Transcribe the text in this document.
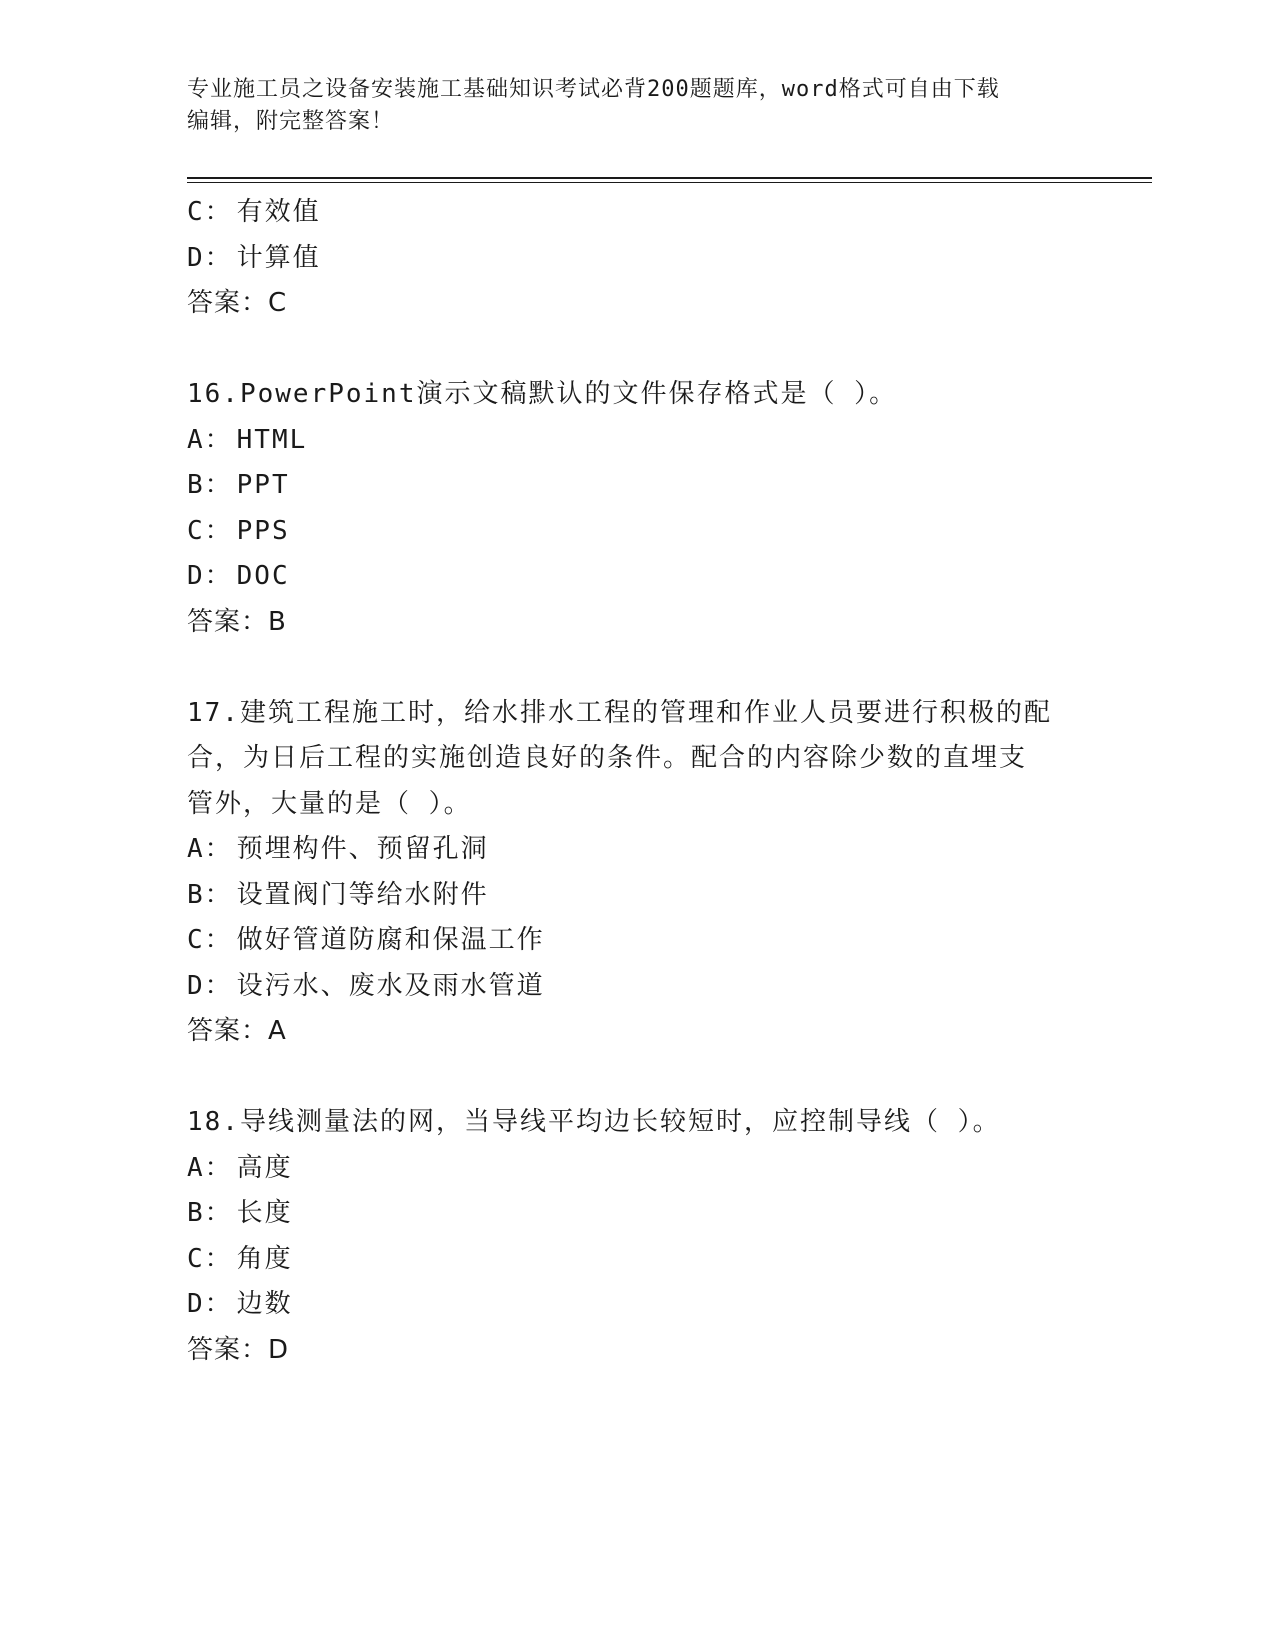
专业施工员之设备安装施工基础知识考试必背200题题库，word格式可自由下载
编辑，附完整答案！
C： 有效值
D： 计算值
答案：C
16.PowerPoint演示文稿默认的文件保存格式是（ ）。
A： HTML
B： PPT
C： PPS
D： DOC
答案：B
17.建筑工程施工时，给水排水工程的管理和作业人员要进行积极的配
合，为日后工程的实施创造良好的条件。配合的内容除少数的直埋支
管外，大量的是（ ）。
A： 预埋构件、预留孔洞
B： 设置阀门等给水附件
C： 做好管道防腐和保温工作
D： 设污水、废水及雨水管道
答案：A
18.导线测量法的网，当导线平均边长较短时，应控制导线（ ）。
A： 高度
B： 长度
C： 角度
D： 边数
答案：D
